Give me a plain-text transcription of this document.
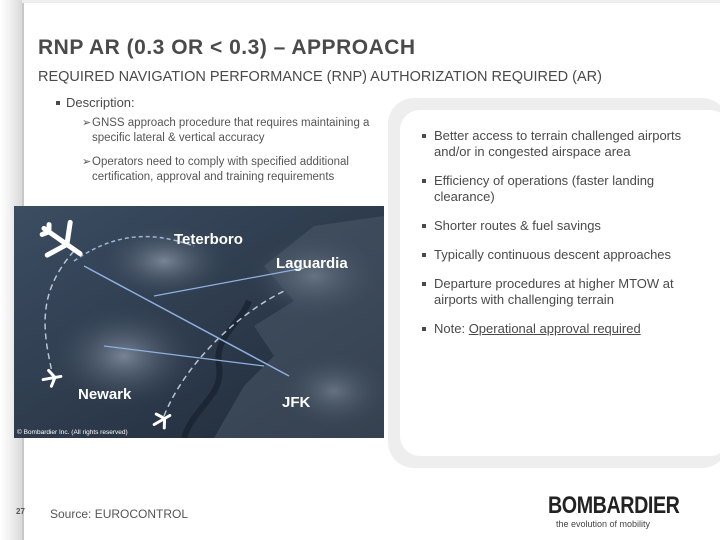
RNP AR (0.3 OR < 0.3) – APPROACH
REQUIRED NAVIGATION PERFORMANCE (RNP) AUTHORIZATION REQUIRED (AR)
Description:
➢ GNSS approach procedure that requires maintaining a specific lateral & vertical accuracy
➢ Operators need to comply with specified additional certification, approval and training requirements
Teterboro
Laguardia
Newark	JFK
© Bombardier Inc. (All rights reserved)
Better access to terrain challenged airports and/or in congested airspace area
Efficiency of operations (faster landing clearance)
Shorter routes & fuel savings
Typically continuous descent approaches
Departure procedures at higher MTOW at airports with challenging terrain
Note: Operational approval required
27 Source: EUROCONTROL	BOMBARDIER
the evolution of mobility
